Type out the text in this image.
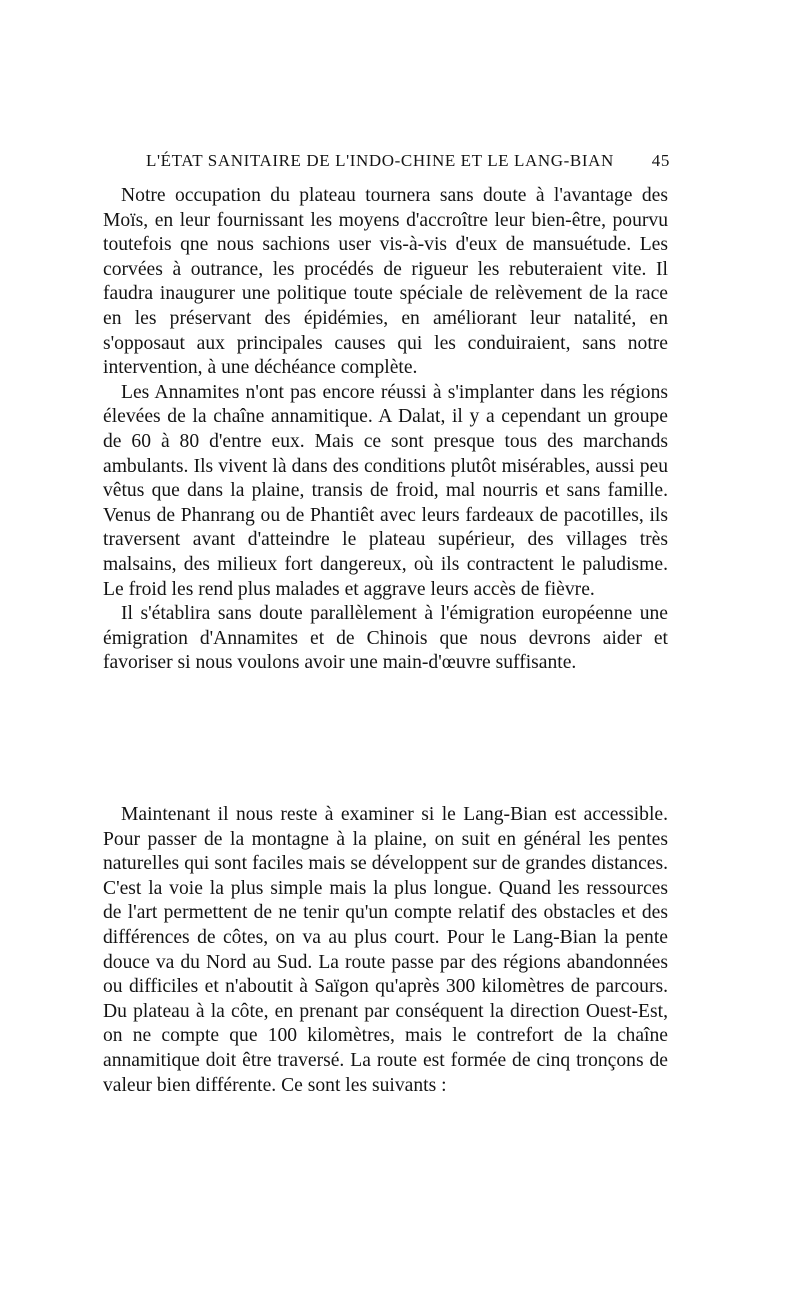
L'ÉTAT SANITAIRE DE L'INDO-CHINE ET LE LANG-BIAN 45

Notre occupation du plateau tournera sans doute à l'avantage des Moïs, en leur fournissant les moyens d'accroître leur bien-être, pourvu toutefois qne nous sachions user vis-à-vis d'eux de mansuétude. Les corvées à outrance, les procédés de rigueur les rebuteraient vite. Il faudra inaugurer une politique toute spéciale de relèvement de la race en les préservant des épidémies, en améliorant leur natalité, en s'opposaut aux principales causes qui les conduiraient, sans notre intervention, à une déchéance complète.

Les Annamites n'ont pas encore réussi à s'implanter dans les régions élevées de la chaîne annamitique. A Dalat, il y a cependant un groupe de 60 à 80 d'entre eux. Mais ce sont presque tous des marchands ambulants. Ils vivent là dans des conditions plutôt misérables, aussi peu vêtus que dans la plaine, transis de froid, mal nourris et sans famille. Venus de Phanrang ou de Phantiêt avec leurs fardeaux de pacotilles, ils traversent avant d'atteindre le plateau supérieur, des villages très malsains, des milieux fort dangereux, où ils contractent le paludisme. Le froid les rend plus malades et aggrave leurs accès de fièvre.

Il s'établira sans doute parallèlement à l'émigration européenne une émigration d'Annamites et de Chinois que nous devrons aider et favoriser si nous voulons avoir une main-d'œuvre suffisante.

Maintenant il nous reste à examiner si le Lang-Bian est accessible. Pour passer de la montagne à la plaine, on suit en général les pentes naturelles qui sont faciles mais se développent sur de grandes distances. C'est la voie la plus simple mais la plus longue. Quand les ressources de l'art permettent de ne tenir qu'un compte relatif des obstacles et des différences de côtes, on va au plus court. Pour le Lang-Bian la pente douce va du Nord au Sud. La route passe par des régions abandonnées ou difficiles et n'aboutit à Saïgon qu'après 300 kilomètres de parcours. Du plateau à la côte, en prenant par conséquent la direction Ouest-Est, on ne compte que 100 kilomètres, mais le contrefort de la chaîne annamitique doit être traversé. La route est formée de cinq tronçons de valeur bien différente. Ce sont les suivants :
